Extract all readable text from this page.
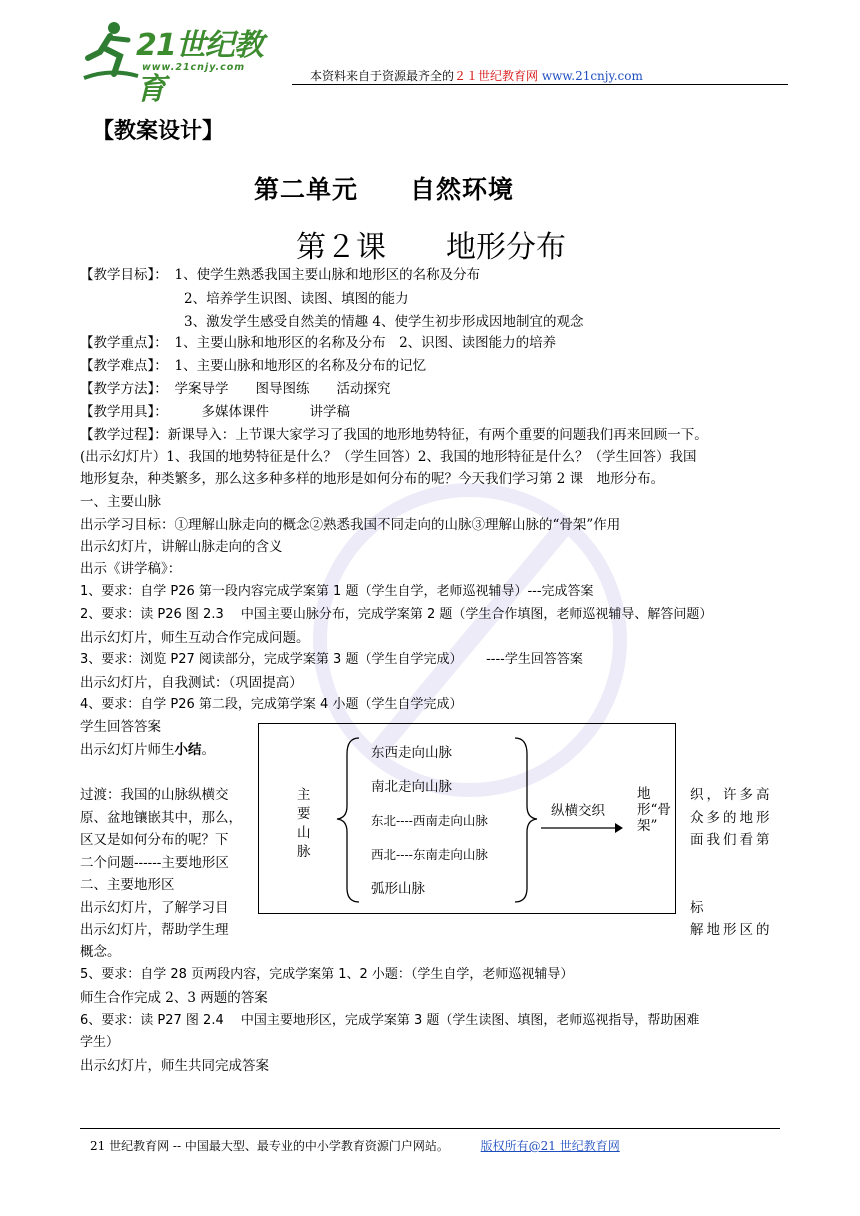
21世纪教育
www.21cnjy.com
本资料来自于资源最齐全的２１世纪教育网 www.21cnjy.com
【教案设计】
第二单元　　自然环境
第２课　　地形分布
【教学目标】：　1、使学生熟悉我国主要山脉和地形区的名称及分布
2、培养学生识图、读图、填图的能力
3、激发学生感受自然美的情趣 4、使学生初步形成因地制宜的观念
【教学重点】：　1、主要山脉和地形区的名称及分布　2、识图、读图能力的培养
【教学难点】：　1、主要山脉和地形区的名称及分布的记忆
【教学方法】：　学案导学　　图导图练　　活动探究
【教学用具】：　　　多媒体课件　　　讲学稿
【教学过程】：新课导入：上节课大家学习了我国的地形地势特征，有两个重要的问题我们再来回顾一下。
(出示幻灯片）1、我国的地势特征是什么？（学生回答）2、我国的地形特征是什么？（学生回答）我国
地形复杂，种类繁多，那么这多种多样的地形是如何分布的呢？今天我们学习第 2 课　地形分布。
一、主要山脉
出示学习目标：①理解山脉走向的概念②熟悉我国不同走向的山脉③理解山脉的“骨架”作用
出示幻灯片，讲解山脉走向的含义
出示《讲学稿》：
1、要求：自学 P26 第一段内容完成学案第 1 题（学生自学，老师巡视辅导）---完成答案
2、要求：读 P26 图 2.3　 中国主要山脉分布，完成学案第 2 题（学生合作填图，老师巡视辅导、解答问题）
出示幻灯片，师生互动合作完成问题。
3、要求：浏览 P27 阅读部分，完成学案第 3 题（学生自学完成）　　 ----学生回答答案
出示幻灯片，自我测试：（巩固提高）
4、要求：自学 P26 第二段，完成第学案 4 小题（学生自学完成）
学生回答答案
出示幻灯片师生小结。
过渡：我国的山脉纵横交
原、盆地镶嵌其中，那么，
区又是如何分布的呢？下
二个问题------主要地形区
二、主要地形区
出示幻灯片，了解学习目
出示幻灯片，帮助学生理
概念。
织，许多高
众多的地形
面我们看第
标
解地形区的
5、要求：自学 28 页两段内容，完成学案第 1、2 小题：（学生自学，老师巡视辅导）
师生合作完成 2、3 两题的答案
6、要求：读 P27 图 2.4　 中国主要地形区，完成学案第 3 题（学生读图、填图，老师巡视指导，帮助困难
学生）
出示幻灯片，师生共同完成答案
主要山脉
东西走向山脉
南北走向山脉
东北----西南走向山脉
西北----东南走向山脉
弧形山脉
纵横交织
地形“骨架”
21 世纪教育网 -- 中国最大型、最专业的中小学教育资源门户网站。	版权所有@21 世纪教育网
